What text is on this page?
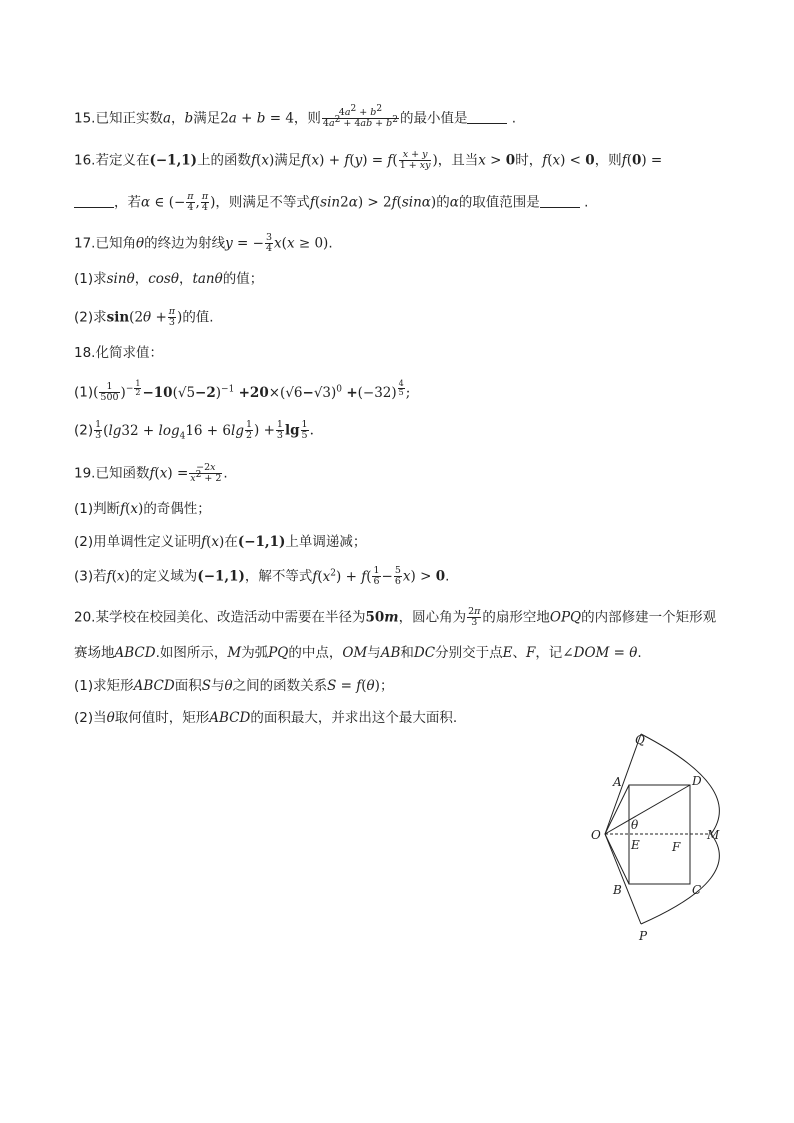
15.已知正实数a，b满足2a + b = 4，则 $\frac{4a^2 + b^2}{4a^2 + 4ab + b^2}$ 的最小值是	.
16.若定义在(−1,1)上的函数f(x)满足$f(x) + f(y) = f( \frac{x + y}{1 + xy}$ )，且当x > 0时，f(x) < 0，则f(0) =
，若α ∈ (− $\frac{\pi}{4}$ , $\frac{\pi}{4}$ )，则满足不等式f(sin2α) > 2f(sinα)的α的取值范围是	.
17.已知角θ的终边为射线y = − $\frac{3}{4} x(x \ge 0)$.
(1)求sinθ，cosθ，tanθ的值；
(2)求$\sin(2\theta + \frac{\pi}{3}$ )的值.
18.化简求值：
$(1)( \frac{1}{500} )^{- \frac{1}{2}} -10(√5-2)^{-1} +20\times(√6-√3)^0 +(-32)$ $^{\frac{4}{5}}$ ;
$(2) \frac{1}{3} (\lg 32 + \log_416 + 6\lg \frac{1}{2}$ ) + $\frac{1}{3}$ $\lg \frac{1}{5}$ .
19.已知函数$f(x) = \frac{-2x}{x^2 + 2}$ .
(1)判断f(x)的奇偶性；
(2)用单调性定义证明f(x)在(−1,1)上单调递减；
(3)若f(x)的定义域为(−1,1)，解不等式$f(x^2) + f( \frac{1}{6} - \frac{5}{6} x) > 0$.
20.某学校在校园美化、改造活动中需要在半径为50m，圆心角为 $\frac{2\pi}{3}$ 的扇形空地OPQ的内部修建一个矩形观
赛场地ABCD.如图所示，M为弧PQ的中点，OM与AB和DC分别交于点E、F，记∠DOM = θ.
(1)求矩形ABCD面积S与θ之间的函数关系S = f(θ)；
(2)当θ取何值时，矩形ABCD的面积最大，并求出这个最大面积.
Q
A	D
O
θ
M
E	F
B	C
P
